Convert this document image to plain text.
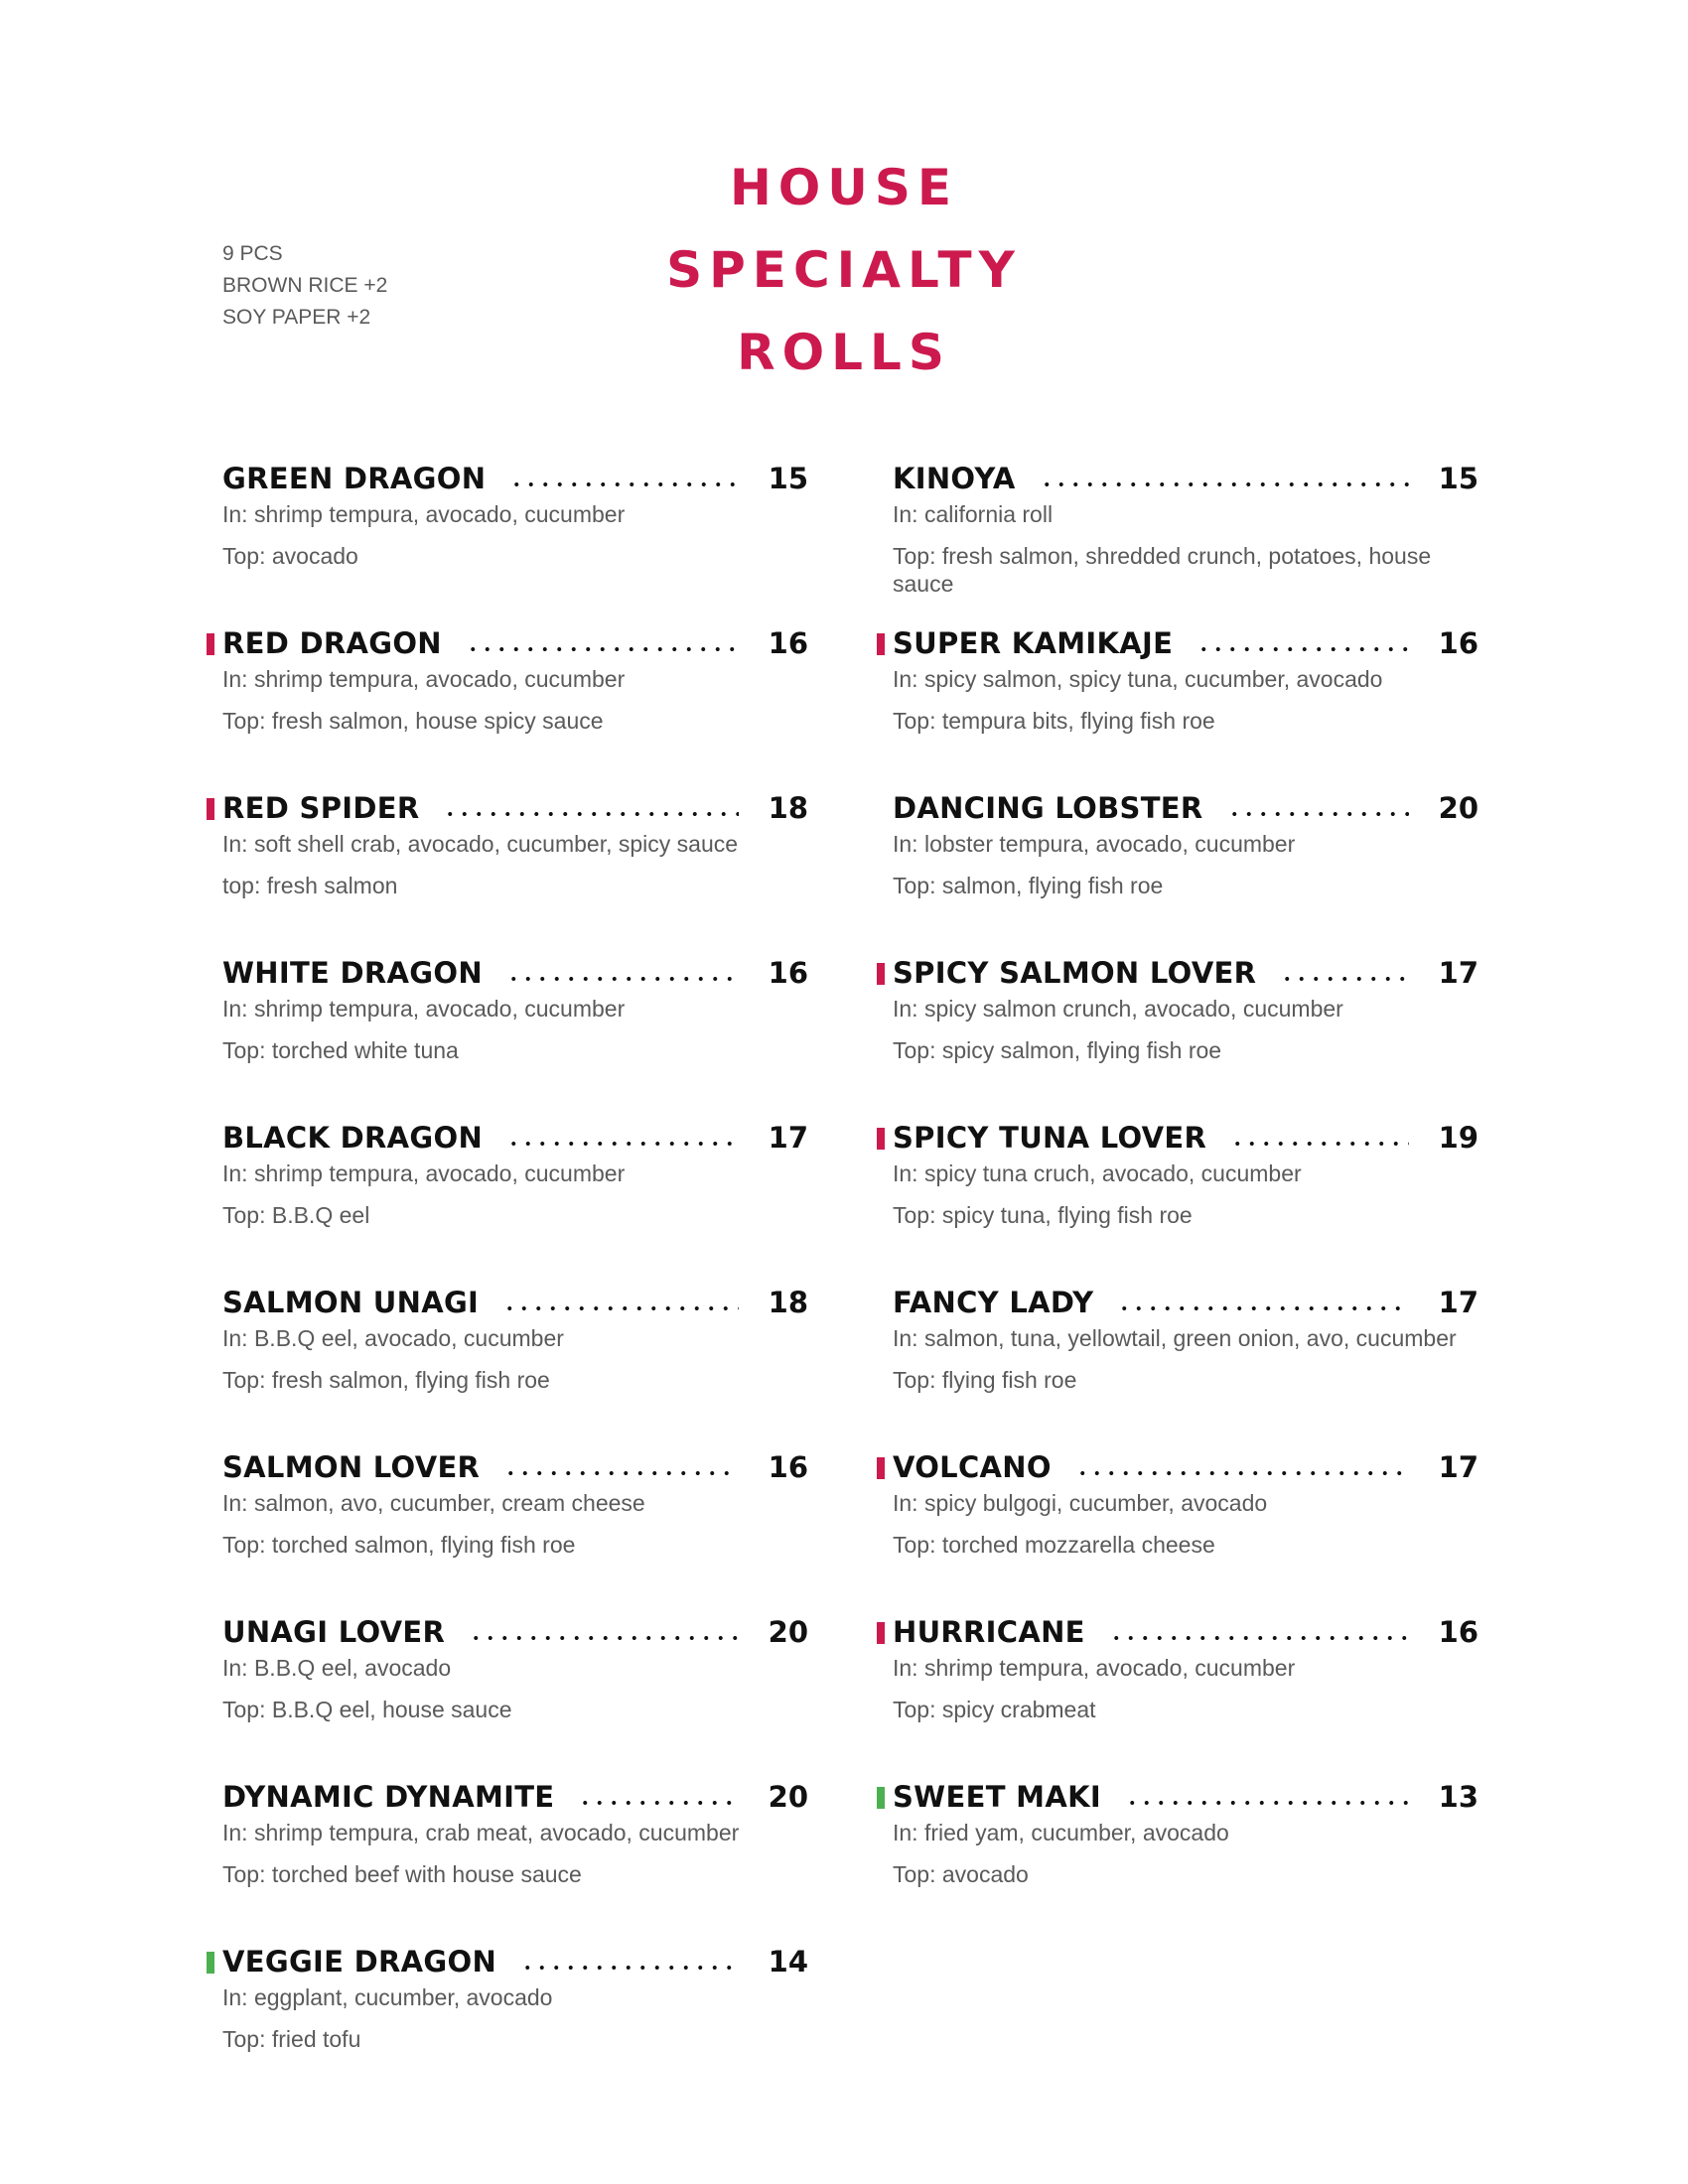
9 PCS
BROWN RICE +2
SOY PAPER +2
HOUSE
SPECIALTY
ROLLS
GREEN DRAGON	15
In: shrimp tempura, avocado, cucumber
Top: avocado
RED DRAGON	16
In: shrimp tempura, avocado, cucumber
Top: fresh salmon, house spicy sauce
RED SPIDER	18
In: soft shell crab, avocado, cucumber, spicy sauce
top: fresh salmon
WHITE DRAGON	16
In: shrimp tempura, avocado, cucumber
Top: torched white tuna
BLACK DRAGON	17
In: shrimp tempura, avocado, cucumber
Top: B.B.Q eel
SALMON UNAGI	18
In: B.B.Q eel, avocado, cucumber
Top: fresh salmon, flying fish roe
SALMON LOVER	16
In: salmon, avo, cucumber, cream cheese
Top: torched salmon, flying fish roe
UNAGI LOVER	20
In: B.B.Q eel, avocado
Top: B.B.Q eel, house sauce
DYNAMIC DYNAMITE	20
In: shrimp tempura, crab meat, avocado, cucumber
Top: torched beef with house sauce
VEGGIE DRAGON	14
In: eggplant, cucumber, avocado
Top: fried tofu
KINOYA	15
In: california roll
Top: fresh salmon, shredded crunch, potatoes, house sauce
SUPER KAMIKAJE	16
In: spicy salmon, spicy tuna, cucumber, avocado
Top: tempura bits, flying fish roe
DANCING LOBSTER	20
In: lobster tempura, avocado, cucumber
Top: salmon, flying fish roe
SPICY SALMON LOVER	17
In: spicy salmon crunch, avocado, cucumber
Top: spicy salmon, flying fish roe
SPICY TUNA LOVER	19
In: spicy tuna cruch, avocado, cucumber
Top: spicy tuna, flying fish roe
FANCY LADY	17
In: salmon, tuna, yellowtail, green onion, avo, cucumber
Top: flying fish roe
VOLCANO	17
In: spicy bulgogi, cucumber, avocado
Top: torched mozzarella cheese
HURRICANE	16
In: shrimp tempura, avocado, cucumber
Top: spicy crabmeat
SWEET MAKI	13
In: fried yam, cucumber, avocado
Top: avocado
